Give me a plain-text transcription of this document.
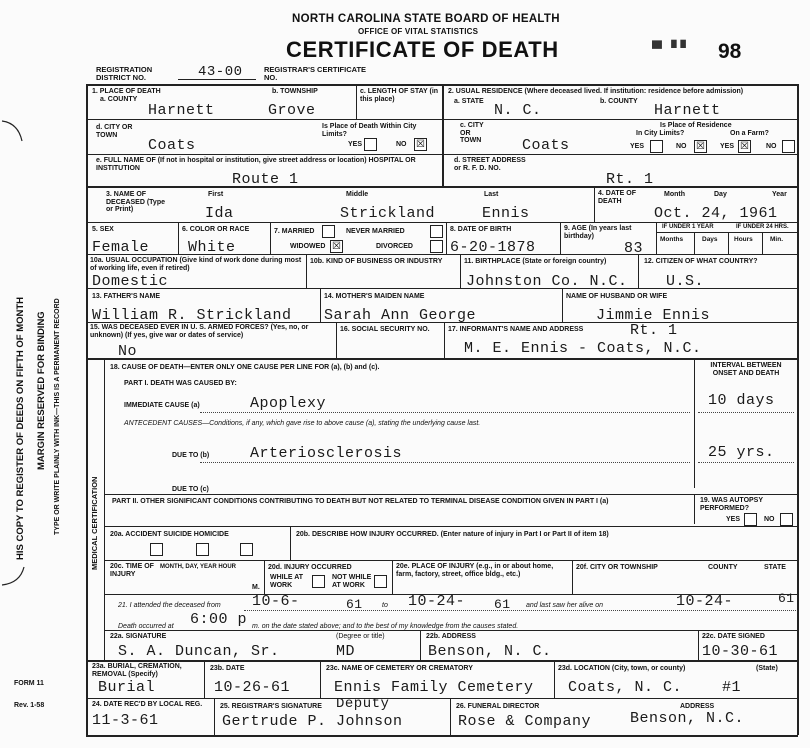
HIS COPY TO REGISTER OF DEEDS ON FIFTH OF MONTH MARGIN RESERVED FOR BINDING TYPE OR WRITE PLAINLY WITH INK—THIS IS A PERMANENT RECORD
FORM 11
Rev. 1-58
NORTH CAROLINA STATE BOARD OF HEALTH
OFFICE OF VITAL STATISTICS
CERTIFICATE OF DEATH	98
▀ ▝ ▘
REGISTRATION DISTRICT NO.	43-00	REGISTRAR'S CERTIFICATE NO.
1. PLACE OF DEATH
a. COUNTY
Harnett
b. TOWNSHIP
Grove
c. LENGTH OF STAY (in this place)
d. CITY OR TOWN
Coats
Is Place of Death Within City Limits?
YES	NO ☒
e. FULL NAME OF (If not in hospital or institution, give street address or location) HOSPITAL OR INSTITUTION
Route 1
2. USUAL RESIDENCE (Where deceased lived. If institution: residence before admission)
a. STATE
N. C.
b. COUNTY
Harnett
c. CITY OR TOWN	Coats
Is Place of Residence
In City Limits?	On a Farm?
YES	NO ☒ YES ☒ NO
d. STREET ADDRESS or R. F. D. NO.
Rt. 1
3. NAME OF DECEASED (Type or Print)
First	Middle	Last
Ida	Strickland	Ennis
4. DATE OF DEATH
Month	Day	Year
Oct. 24, 1961
5. SEX
Female
6. COLOR OR RACE
White
7. MARRIED	NEVER MARRIED
WIDOWED ☒	DIVORCED
8. DATE OF BIRTH
6-20-1878
9. AGE (In years last birthday)
83
IF UNDER 1 YEAR	IF UNDER 24 HRS.
Months	Days	Hours	Min.
10a. USUAL OCCUPATION (Give kind of work done during most of working life, even if retired)
Domestic
10b. KIND OF BUSINESS OR INDUSTRY	11. BIRTHPLACE (State or foreign country)
Johnston Co. N.C.
12. CITIZEN OF WHAT COUNTRY?
U.S.
13. FATHER'S NAME
William R. Strickland
14. MOTHER'S MAIDEN NAME
Sarah Ann George
NAME OF HUSBAND OR WIFE
Jimmie Ennis
15. WAS DECEASED EVER IN U. S. ARMED FORCES? (Yes, no, or unknown) (If yes, give war or dates of service)
No
16. SOCIAL SECURITY NO.	17. INFORMANT'S NAME AND ADDRESS	Rt. 1
M. E. Ennis - Coats, N.C.
MEDICAL CERTIFICATION
18. CAUSE OF DEATH—ENTER ONLY ONE CAUSE PER LINE FOR (a), (b) and (c).	INTERVAL BETWEEN ONSET AND DEATH
PART I. DEATH WAS CAUSED BY:
IMMEDIATE CAUSE (a)	Apoplexy	10 days
ANTECEDENT CAUSES—Conditions, if any, which gave rise to above cause (a), stating the underlying cause last.
DUE TO (b)	Arteriosclerosis	25 yrs.
DUE TO (c)
PART II. OTHER SIGNIFICANT CONDITIONS CONTRIBUTING TO DEATH BUT NOT RELATED TO TERMINAL DISEASE CONDITION GIVEN IN PART I (a)	19. WAS AUTOPSY PERFORMED?
YES	NO
20a. ACCIDENT SUICIDE HOMICIDE	20b. DESCRIBE HOW INJURY OCCURRED. (Enter nature of injury in Part I or Part II of item 18)
20c. TIME OF INJURY
MONTH, DAY, YEAR HOUR
M.
20d. INJURY OCCURRED
WHILE AT WORK
NOT WHILE AT WORK
20e. PLACE OF INJURY (e.g., in or about home, farm, factory, street, office bldg., etc.)
20f. CITY OR TOWNSHIP	COUNTY	STATE
21. I attended the deceased from 10-6-	61	to 10-24- 61 and last saw her alive on	10-24-	61
Death occurred at 6:00 p m. on the date stated above; and to the best of my knowledge from the causes stated.
22a. SIGNATURE
S. A. Duncan, Sr.
(Degree or title)
MD
22b. ADDRESS
Benson, N. C.
22c. DATE SIGNED
10-30-61
23a. BURIAL, CREMATION, REMOVAL (Specify)
Burial
23b. DATE
10-26-61
23c. NAME OF CEMETERY OR CREMATORY
Ennis Family Cemetery
23d. LOCATION (City, town, or county)	(State)
Coats, N. C.	#1
24. DATE REC'D BY LOCAL REG.
11-3-61
25. REGISTRAR'S SIGNATURE Deputy
Gertrude P. Johnson
26. FUNERAL DIRECTOR
Rose & Company
ADDRESS
Benson, N.C.
